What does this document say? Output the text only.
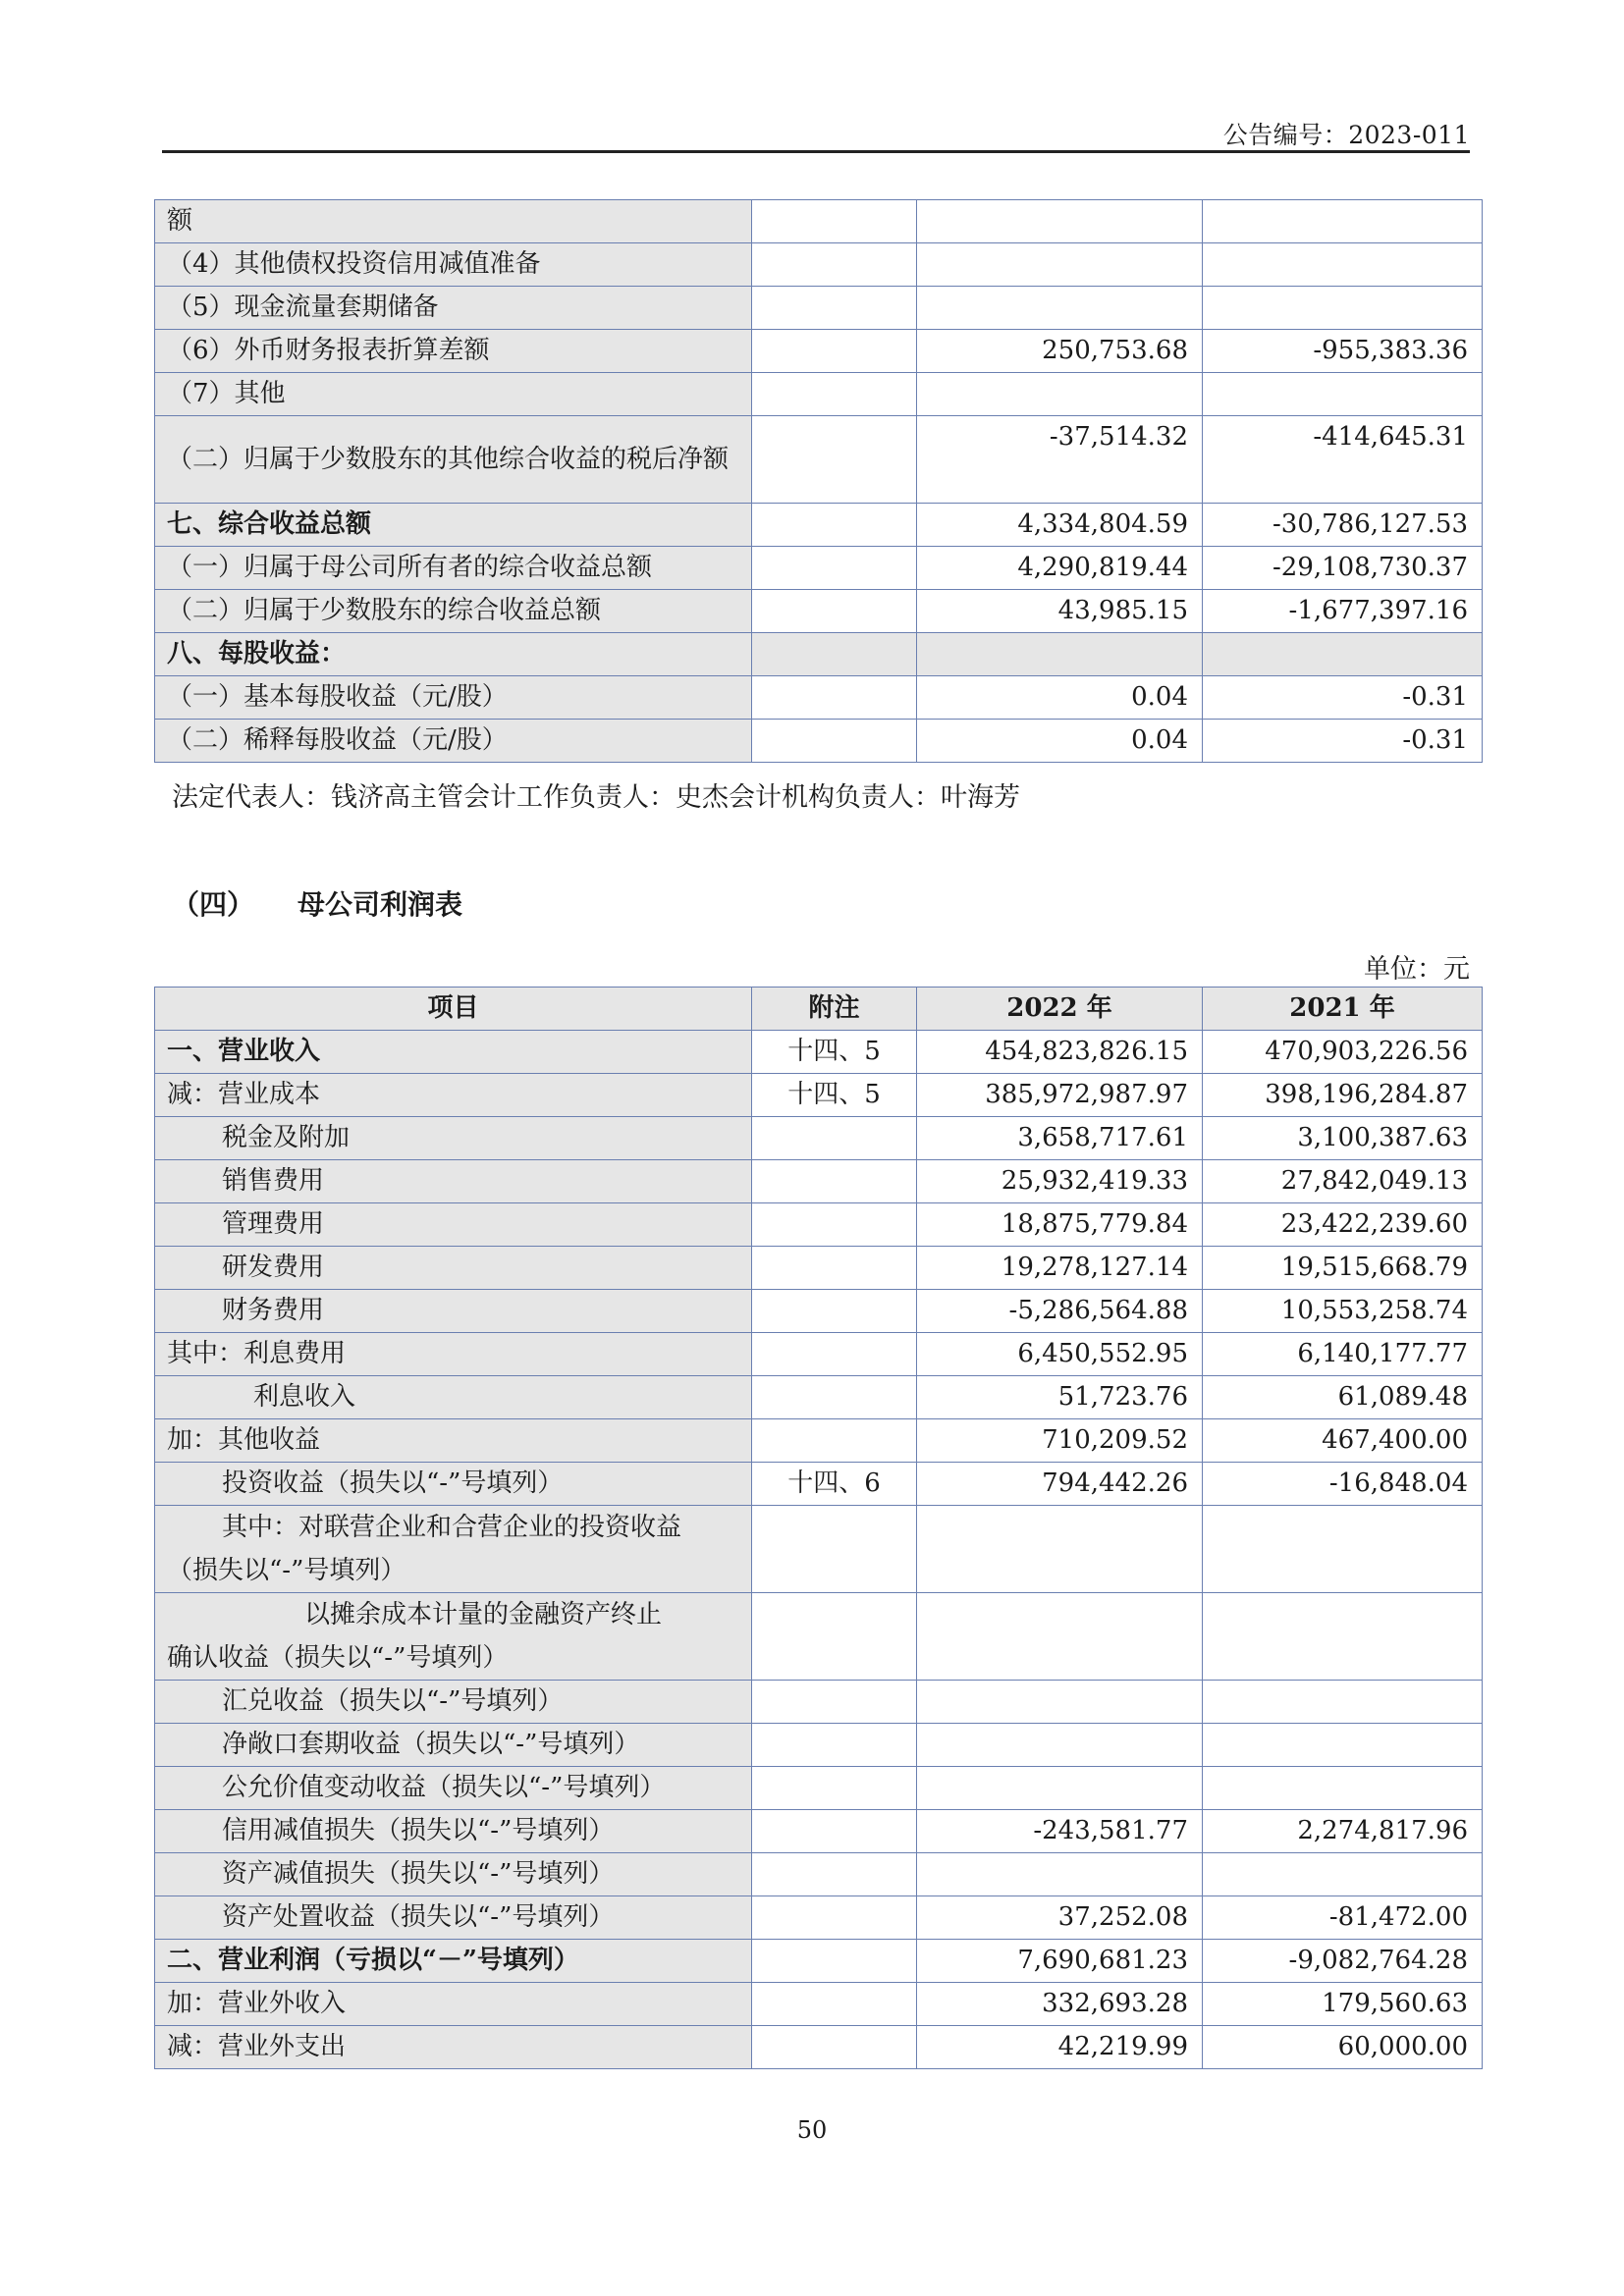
公告编号：2023-011
额			
（4）其他债权投资信用减值准备			
（5）现金流量套期储备			
（6）外币财务报表折算差额		250,753.68	-955,383.36
（7）其他			
（二）归属于少数股东的其他综合收益的税后净额		-37,514.32	-414,645.31
七、综合收益总额		4,334,804.59	-30,786,127.53
（一）归属于母公司所有者的综合收益总额		4,290,819.44	-29,108,730.37
（二）归属于少数股东的综合收益总额		43,985.15	-1,677,397.16
八、每股收益：			
（一）基本每股收益（元/股）		0.04	-0.31
（二）稀释每股收益（元/股）		0.04	-0.31
法定代表人：钱济高主管会计工作负责人：史杰会计机构负责人：叶海芳
（四） 母公司利润表
单位：元
项目	附注	2022 年	2021 年
一、营业收入	十四、5	454,823,826.15	470,903,226.56
减：营业成本	十四、5	385,972,987.97	398,196,284.87
税金及附加		3,658,717.61	3,100,387.63
销售费用		25,932,419.33	27,842,049.13
管理费用		18,875,779.84	23,422,239.60
研发费用		19,278,127.14	19,515,668.79
财务费用		-5,286,564.88	10,553,258.74
其中：利息费用		6,450,552.95	6,140,177.77
利息收入		51,723.76	61,089.48
加：其他收益		710,209.52	467,400.00
投资收益（损失以“-”号填列）	十四、6	794,442.26	-16,848.04

其中：对联营企业和合营企业的投资收益
（损失以“-”号填列）			

以摊余成本计量的金融资产终止
确认收益（损失以“-”号填列）			

汇兑收益（损失以“-”号填列）			
净敞口套期收益（损失以“-”号填列）			
公允价值变动收益（损失以“-”号填列）			
信用减值损失（损失以“-”号填列）		-243,581.77	2,274,817.96
资产减值损失（损失以“-”号填列）			
资产处置收益（损失以“-”号填列）		37,252.08	-81,472.00
二、营业利润（亏损以“－”号填列）		7,690,681.23	-9,082,764.28
加：营业外收入		332,693.28	179,560.63
减：营业外支出		42,219.99	60,000.00
50
